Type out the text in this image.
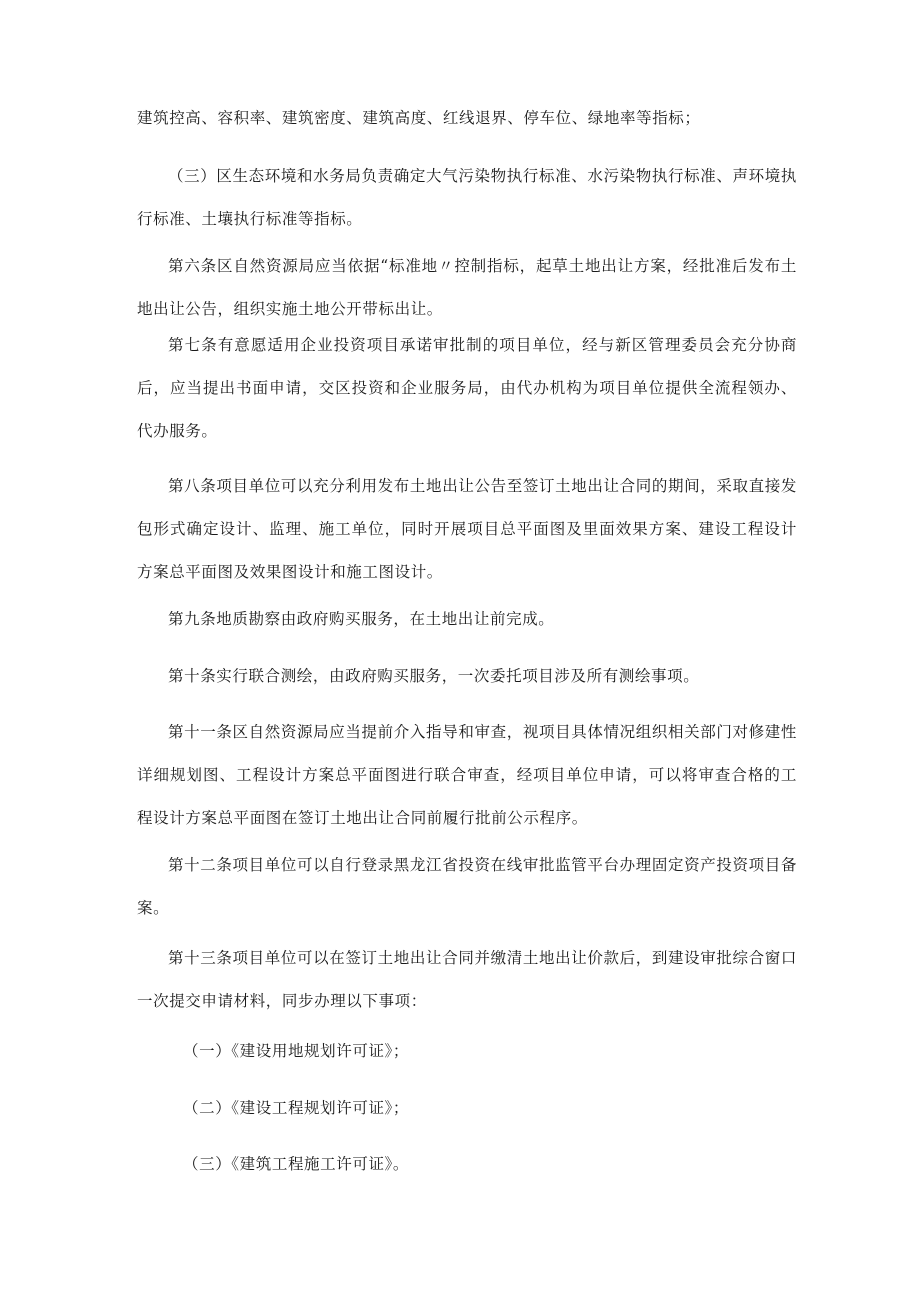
建筑控高、容积率、建筑密度、建筑高度、红线退界、停车位、绿地率等指标；

（三）区生态环境和水务局负责确定大气污染物执行标准、水污染物执行标准、声环境执行标准、土壤执行标准等指标。

第六条区自然资源局应当依据“标准地〃控制指标，起草土地出让方案，经批准后发布土地出让公告，组织实施土地公开带标出让。

第七条有意愿适用企业投资项目承诺审批制的项目单位，经与新区管理委员会充分协商后，应当提出书面申请，交区投资和企业服务局，由代办机构为项目单位提供全流程领办、代办服务。

第八条项目单位可以充分利用发布土地出让公告至签订土地出让合同的期间，采取直接发包形式确定设计、监理、施工单位，同时开展项目总平面图及里面效果方案、建设工程设计方案总平面图及效果图设计和施工图设计。

第九条地质勘察由政府购买服务，在土地出让前完成。

第十条实行联合测绘，由政府购买服务，一次委托项目涉及所有测绘事项。

第十一条区自然资源局应当提前介入指导和审查，视项目具体情况组织相关部门对修建性详细规划图、工程设计方案总平面图进行联合审查，经项目单位申请，可以将审查合格的工程设计方案总平面图在签订土地出让合同前履行批前公示程序。

第十二条项目单位可以自行登录黑龙江省投资在线审批监管平台办理固定资产投资项目备案。

第十三条项目单位可以在签订土地出让合同并缴清土地出让价款后，到建设审批综合窗口一次提交申请材料，同步办理以下事项：

（一）《建设用地规划许可证》；

（二）《建设工程规划许可证》；

（三）《建筑工程施工许可证》。
